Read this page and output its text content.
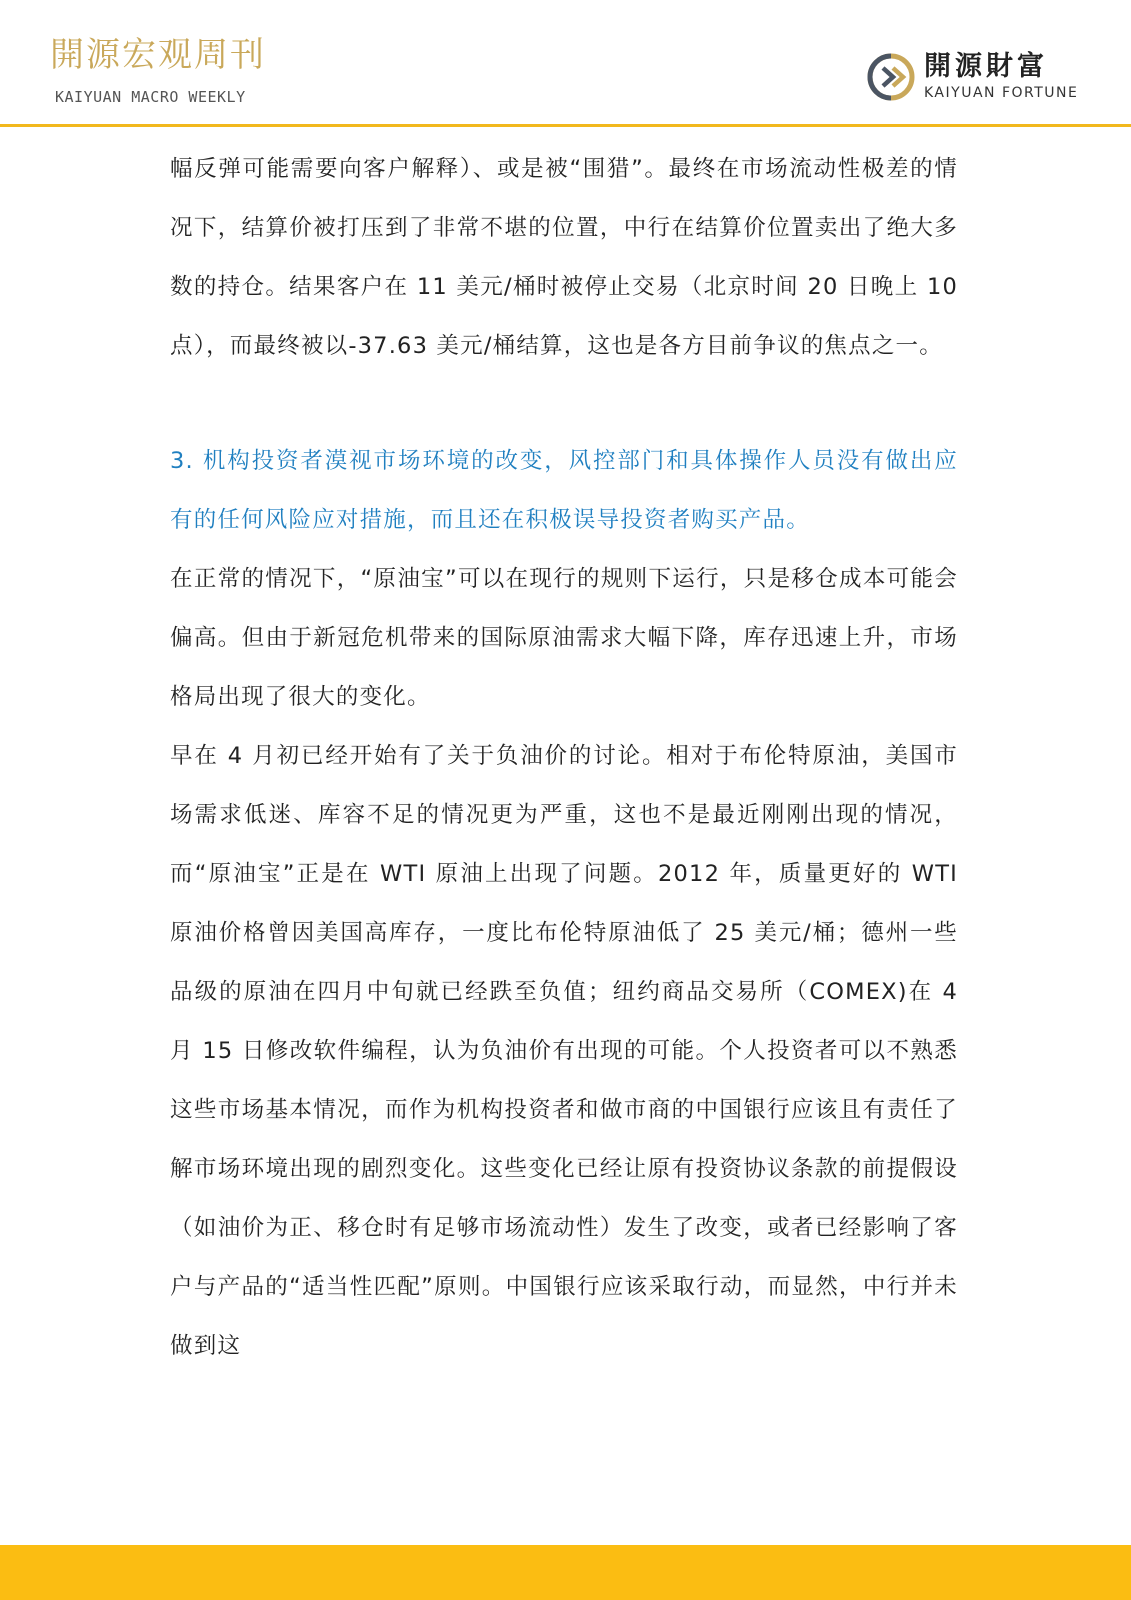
開源宏观周刊
KAIYUAN MACRO WEEKLY
開源財富
KAIYUAN FORTUNE

幅反弹可能需要向客户解释）、或是被“围猎”。最终在市场流动性极差的情况下，结算价被打压到了非常不堪的位置，中行在结算价位置卖出了绝大多数的持仓。结果客户在 11 美元/桶时被停止交易（北京时间 20 日晚上 10 点），而最终被以-37.63 美元/桶结算，这也是各方目前争议的焦点之一。

3. 机构投资者漠视市场环境的改变，风控部门和具体操作人员没有做出应有的任何风险应对措施，而且还在积极误导投资者购买产品。

在正常的情况下，“原油宝”可以在现行的规则下运行，只是移仓成本可能会偏高。但由于新冠危机带来的国际原油需求大幅下降，库存迅速上升，市场格局出现了很大的变化。

早在 4 月初已经开始有了关于负油价的讨论。相对于布伦特原油，美国市场需求低迷、库容不足的情况更为严重，这也不是最近刚刚出现的情况，而“原油宝”正是在 WTI 原油上出现了问题。2012 年，质量更好的 WTI 原油价格曾因美国高库存，一度比布伦特原油低了 25 美元/桶；德州一些品级的原油在四月中旬就已经跌至负值；纽约商品交易所（COMEX)在 4 月 15 日修改软件编程，认为负油价有出现的可能。个人投资者可以不熟悉这些市场基本情况，而作为机构投资者和做市商的中国银行应该且有责任了解市场环境出现的剧烈变化。这些变化已经让原有投资协议条款的前提假设（如油价为正、移仓时有足够市场流动性）发生了改变，或者已经影响了客户与产品的“适当性匹配”原则。中国银行应该采取行动，而显然，中行并未做到这
